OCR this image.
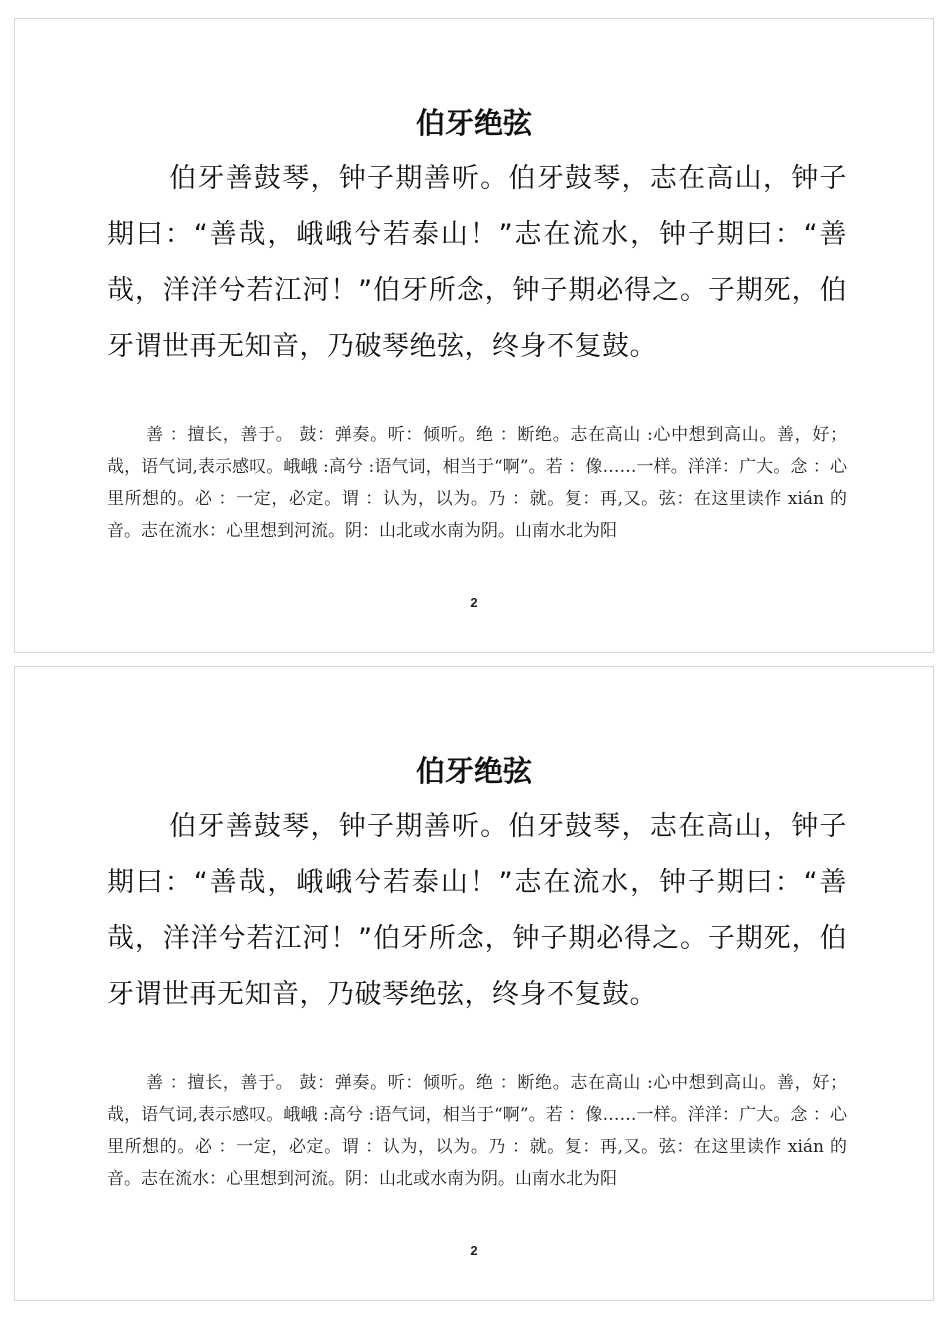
伯牙绝弦
伯牙善鼓琴，钟子期善听。伯牙鼓琴，志在高山，钟子期曰：“善哉，峨峨兮若泰山！”志在流水，钟子期曰：“善哉，洋洋兮若江河！”伯牙所念，钟子期必得之。子期死，伯牙谓世再无知音，乃破琴绝弦，终身不复鼓。
善 ：擅长，善于。 鼓：弹奏。听：倾听。绝 ：断绝。志在高山 :心中想到高山。善，好；哉，语气词,表示感叹。峨峨 :高兮 :语气词，相当于“啊”。若 ：像……一样。洋洋：广大。念 ：心里所想的。必 ：一定，必定。谓 ：认为，以为。乃 ：就。复：再,又。弦：在这里读作 xián 的音。志在流水：心里想到河流。阴：山北或水南为阴。山南水北为阳
2
伯牙绝弦
伯牙善鼓琴，钟子期善听。伯牙鼓琴，志在高山，钟子期曰：“善哉，峨峨兮若泰山！”志在流水，钟子期曰：“善哉，洋洋兮若江河！”伯牙所念，钟子期必得之。子期死，伯牙谓世再无知音，乃破琴绝弦，终身不复鼓。
善 ：擅长，善于。 鼓：弹奏。听：倾听。绝 ：断绝。志在高山 :心中想到高山。善，好；哉，语气词,表示感叹。峨峨 :高兮 :语气词，相当于“啊”。若 ：像……一样。洋洋：广大。念 ：心里所想的。必 ：一定，必定。谓 ：认为，以为。乃 ：就。复：再,又。弦：在这里读作 xián 的音。志在流水：心里想到河流。阴：山北或水南为阴。山南水北为阳
2
